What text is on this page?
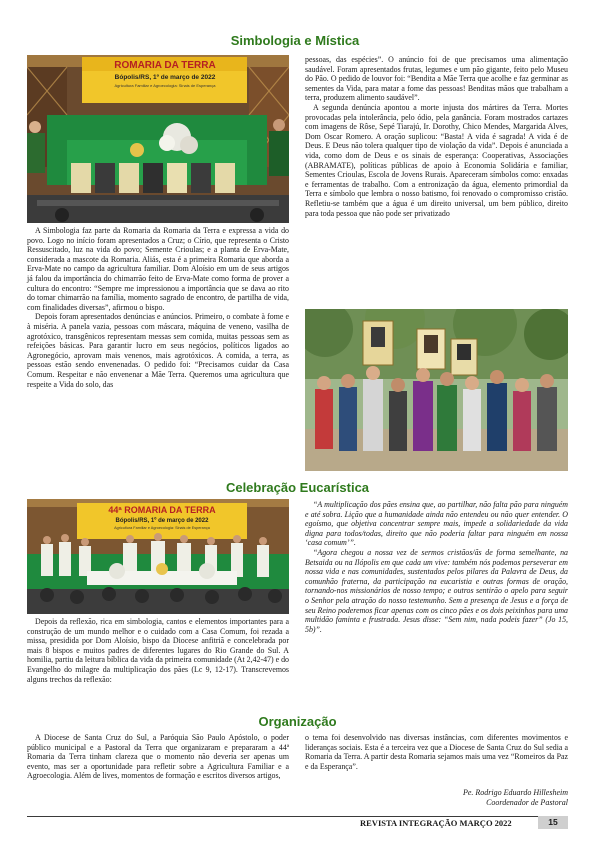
Simbologia e Mística
ROMARIA DA TERRA
Bópolis/RS, 1º de março de 2022
Agricultura Familiar e Agroecologia: Sinais de Esperança

A Simbologia faz parte da Romaria da Romaria da Terra e expressa a vida do povo. Logo no início foram apresentados a Cruz; o Círio, que representa o Cristo Ressuscitado, luz na vida do povo; Semente Crioulas; e a planta de Erva-Mate, considerada a mascote da Romaria. Aliás, esta é a primeira Romaria que aborda a Erva-Mate no campo da agricultura familiar. Dom Aloísio em um de seus artigos já falou da importância do chimarrão feito de Erva-Mate como forma de prover a cultura do encontro: “Sempre me impressionou a importância que se dava ao rito do tomar chimarrão na família, momento sagrado de encontro, de partilha de vida, com finalidades diversas”, afirmou o bispo.

Depois foram apresentados denúncias e anúncios. Primeiro, o combate à fome e à miséria. A panela vazia, pessoas com máscara, máquina de veneno, vasilha de agrotóxico, transgênicos representam messas sem comida, muitas pessoas sem as refeições básicas. Para garantir lucro em seus negócios, políticos ligados ao Agronegócio, aprovam mais venenos, mais agrotóxicos. A comida, a terra, as pessoas estão sendo envenenadas. O pedido foi: “Precisamos cuidar da Casa Comum. Respeitar e não envenenar a Mãe Terra. Queremos uma agricultura que respeite a Vida do solo, das

pessoas, das espécies”. O anúncio foi de que precisamos uma alimentação saudável. Foram apresentados frutas, legumes e um pão gigante, feito pelo Museu do Pão. O pedido de louvor foi: “Bendita a Mãe Terra que acolhe e faz germinar as sementes da Vida, para matar a fome das pessoas! Benditas mãos que trabalham a terra, produzem alimento saudável”.

A segunda denúncia apontou a morte injusta dos mártires da Terra. Mortes provocadas pela intolerância, pelo ódio, pela ganância. Foram mostrados cartazes com imagens de Rôse, Sepé Tiarajú, Ir. Dorothy, Chico Mendes, Margarida Alves, Dom Oscar Romero. A oração suplicou: “Basta! A vida é sagrada! A vida é de Deus. E Deus não tolera qualquer tipo de violação da vida”. Depois é anunciada a vida, como dom de Deus e os sinais de esperança: Cooperativas, Associações (ABRAMATE), políticas públicas de apoio à Economia Solidária e familiar, Sementes Crioulas, Escola de Jovens Rurais. Apareceram símbolos como: enxadas e ferramentas de trabalho. Com a entronização da água, elemento primordial da Terra e símbolo que lembra o nosso batismo, foi renovado o compromisso cristão. Refletiu-se também que a água é um direito universal, um bem público, direito para toda pessoa que não pode ser privatizado

Celebração Eucarística
44ª ROMARIA DA TERRA
Bópolis/RS, 1º de março de 2022
Agricultura Familiar e Agroecologia: Sinais de Esperança

Depois da reflexão, rica em simbologia, cantos e elementos importantes para a construção de um mundo melhor e o cuidado com a Casa Comum, foi rezada a missa, presidida por Dom Aloísio, bispo da Diocese anfitriã e concelebrada por mais 8 bispos e muitos padres de diferentes lugares do Rio Grande do Sul. A homilia, partiu da leitura bíblica da vida da primeira comunidade (At 2,42-47) e do Evangelho do milagre da multiplicação dos pães (Lc 9, 12-17). Transcrevemos alguns trechos da reflexão:

“A multiplicação dos pães ensina que, ao partilhar, não falta pão para ninguém e até sobra. Lição que a humanidade ainda não entendeu ou não quer entender. O egoísmo, que objetiva concentrar sempre mais, impede a solidariedade da vida digna para todos/todas, direito que não poderia faltar para ninguém em nossa ‘casa comum’”.

“Agora chegou a nossa vez de sermos cristãos/ãs de forma semelhante, na Betsaida ou na Ilópolis em que cada um vive: também nós podemos perseverar em nossa vida e nas comunidades, sustentados pelos pilares da Palavra de Deus, da comunhão fraterna, da participação na eucaristia e outras formas de oração, tornando-nos missionários de nosso tempo; e outros sentirão o apelo para seguir o Senhor pela atração do nosso testemunho. Sem a presença de Jesus e a força de seu Reino poderemos ficar apenas com os cinco pães e os dois peixinhos para uma multidão faminta e frustrada. Jesus disse: “Sem nim, nada podeis fazer” (Jo 15, 5b)”.

Organização

A Diocese de Santa Cruz do Sul, a Paróquia São Paulo Apóstolo, o poder público municipal e a Pastoral da Terra que organizaram e prepararam a 44ª Romaria da Terra tinham clareza que o momento não deveria ser apenas um evento, mas ser a oportunidade para refletir sobre a Agricultura Familiar e a Agroecologia. Além de lives, momentos de formação e escritos diversos artigos,

o tema foi desenvolvido nas diversas instâncias, com diferentes movimentos e lideranças sociais. Esta é a terceira vez que a Diocese de Santa Cruz do Sul sedia a Romaria da Terra. A partir desta Romaria sejamos mais uma vez “Romeiros da Paz e da Esperança”.

Pe. Rodrigo Eduardo Hillesheim
Coordenador de Pastoral
REVISTA INTEGRAÇÃO MARÇO 2022	15
